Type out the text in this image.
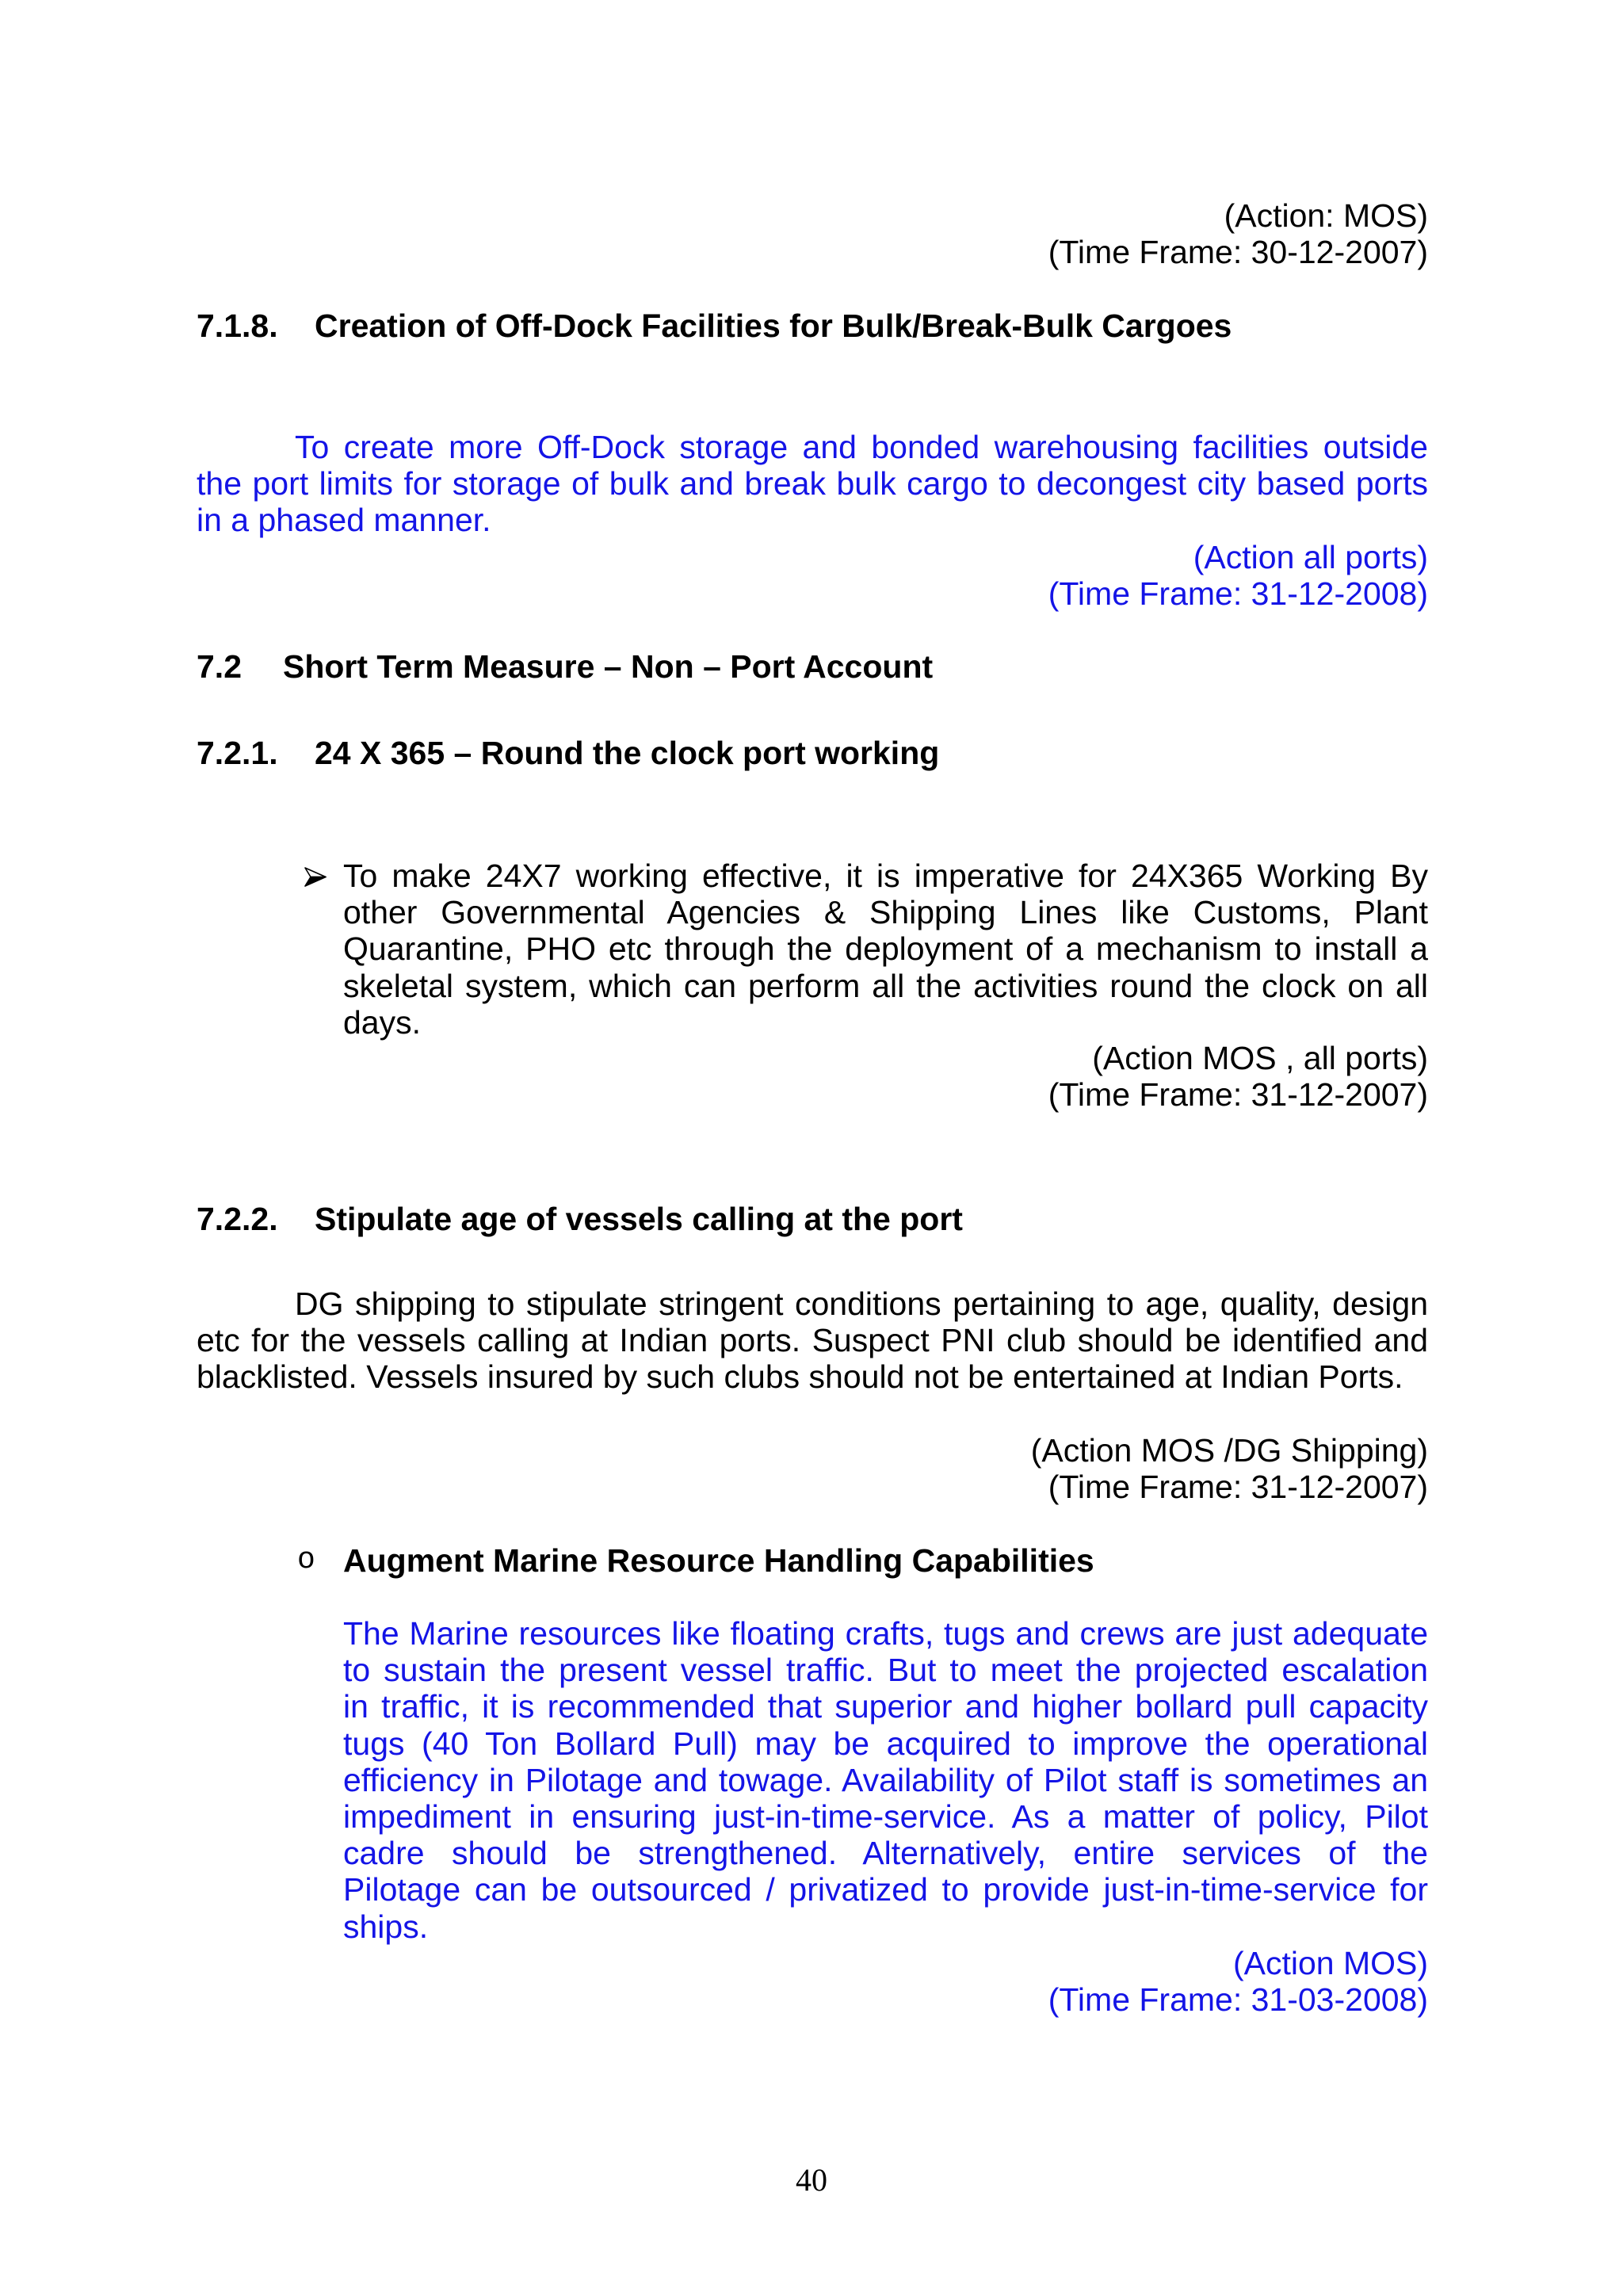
(Action: MOS)
(Time Frame: 30-12-2007)
7.1.8. Creation of Off-Dock Facilities for Bulk/Break-Bulk Cargoes
To create more Off-Dock storage and bonded warehousing facilities outside
the port limits for storage of bulk and break bulk cargo to decongest city based ports
in a phased manner.
(Action all ports)
(Time Frame: 31-12-2008)
7.2 Short Term Measure – Non – Port Account
7.2.1. 24 X 365 – Round the clock port working
To make 24X7 working effective, it is imperative for 24X365 Working By
other Governmental Agencies & Shipping Lines like Customs, Plant
Quarantine, PHO etc through the deployment of a mechanism to install a
skeletal system, which can perform all the activities round the clock on all
days.
(Action MOS , all ports)
(Time Frame: 31-12-2007)
7.2.2. Stipulate age of vessels calling at the port
DG shipping to stipulate stringent conditions pertaining to age, quality, design
etc for the vessels calling at Indian ports. Suspect PNI club should be identified and
blacklisted. Vessels insured by such clubs should not be entertained at Indian Ports.
(Action MOS /DG Shipping)
(Time Frame: 31-12-2007)
o Augment Marine Resource Handling Capabilities
The Marine resources like floating crafts, tugs and crews are just adequate
to sustain the present vessel traffic. But to meet the projected escalation
in traffic, it is recommended that superior and higher bollard pull capacity
tugs (40 Ton Bollard Pull) may be acquired to improve the operational
efficiency in Pilotage and towage. Availability of Pilot staff is sometimes an
impediment in ensuring just-in-time-service. As a matter of policy, Pilot
cadre should be strengthened. Alternatively, entire services of the
Pilotage can be outsourced / privatized to provide just-in-time-service for
ships.
(Action MOS)
(Time Frame: 31-03-2008)
40
